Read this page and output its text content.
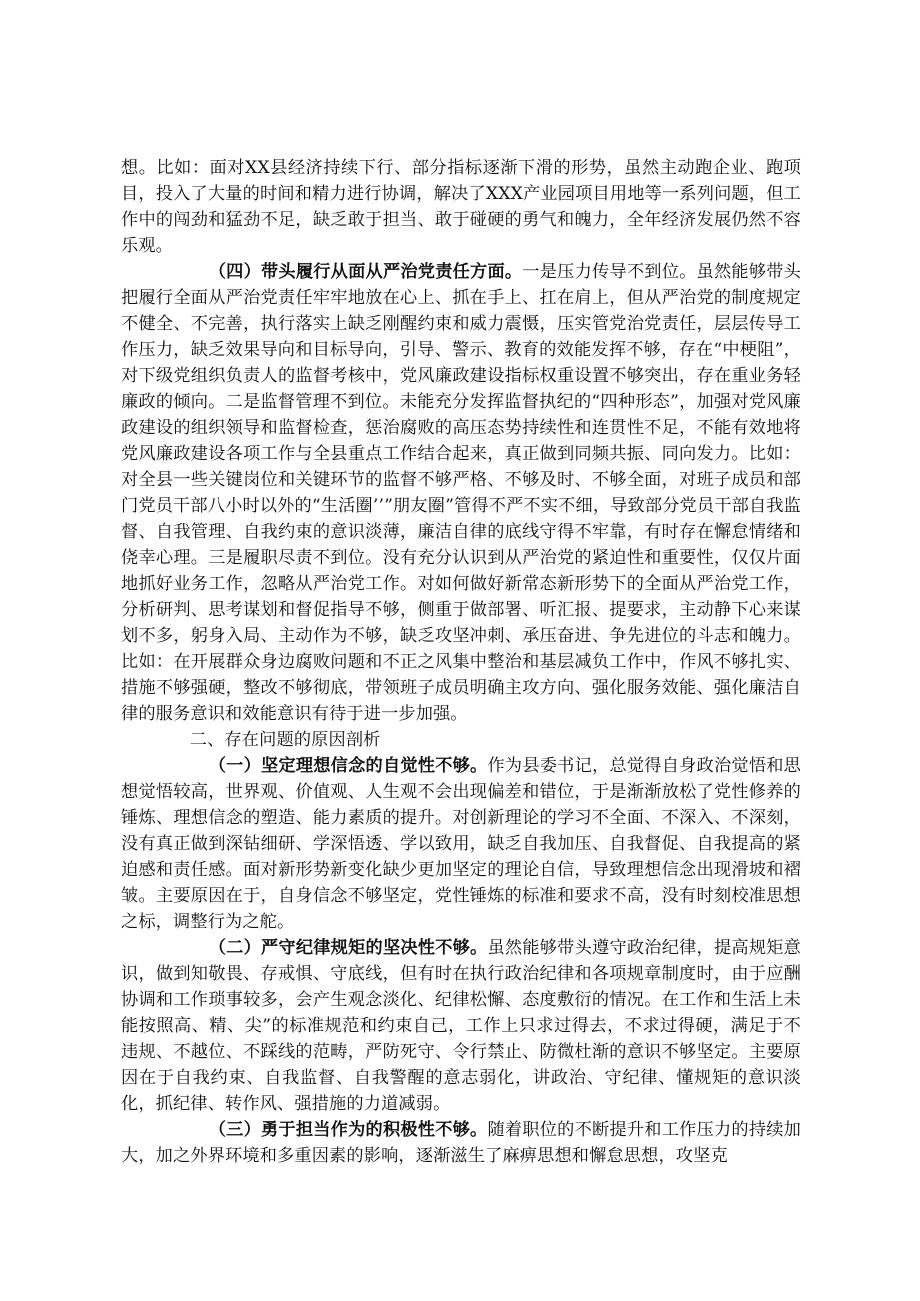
想。比如：面对XX县经济持续下行、部分指标逐渐下滑的形势，虽然主动跑企业、跑项目，投入了大量的时间和精力进行协调，解决了XXX产业园项目用地等一系列问题，但工作中的闯劲和猛劲不足，缺乏敢于担当、敢于碰硬的勇气和魄力，全年经济发展仍然不容乐观。

（四）带头履行从面从严治党责任方面。一是压力传导不到位。虽然能够带头把履行全面从严治党责任牢牢地放在心上、抓在手上、扛在肩上，但从严治党的制度规定不健全、不完善，执行落实上缺乏刚醒约束和威力震慑，压实管党治党责任，层层传导工作压力，缺乏效果导向和目标导向，引导、警示、教育的效能发挥不够，存在“中梗阻”，对下级党组织负责人的监督考核中，党风廉政建设指标权重设置不够突出，存在重业务轻廉政的倾向。二是监督管理不到位。未能充分发挥监督执纪的“四种形态”，加强对党风廉政建设的组织领导和监督检查，惩治腐败的高压态势持续性和连贯性不足，不能有效地将党风廉政建设各项工作与全县重点工作结合起来，真正做到同频共振、同向发力。比如：对全县一些关键岗位和关键环节的监督不够严格、不够及时、不够全面，对班子成员和部门党员干部八小时以外的“生活圈’’”朋友圈”管得不严不实不细，导致部分党员干部自我监督、自我管理、自我约束的意识淡薄，廉洁自律的底线守得不牢靠，有时存在懈怠情绪和侥幸心理。三是履职尽责不到位。没有充分认识到从严治党的紧迫性和重要性，仅仅片面地抓好业务工作，忽略从严治党工作。对如何做好新常态新形势下的全面从严治党工作，分析研判、思考谋划和督促指导不够，侧重于做部署、听汇报、提要求，主动静下心来谋划不多，躬身入局、主动作为不够，缺乏攻坚冲刺、承压奋进、争先进位的斗志和魄力。比如：在开展群众身边腐败问题和不正之风集中整治和基层减负工作中，作风不够扎实、措施不够强硬，整改不够彻底，带领班子成员明确主攻方向、强化服务效能、强化廉洁自律的服务意识和效能意识有待于进一步加强。

二、存在问题的原因剖析

（一）坚定理想信念的自觉性不够。作为县委书记，总觉得自身政治觉悟和思想觉悟较高，世界观、价值观、人生观不会出现偏差和错位，于是渐渐放松了党性修养的锤炼、理想信念的塑造、能力素质的提升。对创新理论的学习不全面、不深入、不深刻，没有真正做到深钻细研、学深悟透、学以致用，缺乏自我加压、自我督促、自我提高的紧迫感和责任感。面对新形势新变化缺少更加坚定的理论自信，导致理想信念出现滑坡和褶皱。主要原因在于，自身信念不够坚定，党性锤炼的标准和要求不高，没有时刻校准思想之标，调整行为之舵。

（二）严守纪律规矩的坚决性不够。虽然能够带头遵守政治纪律，提高规矩意识，做到知敬畏、存戒惧、守底线，但有时在执行政治纪律和各项规章制度时，由于应酬协调和工作琐事较多，会产生观念淡化、纪律松懈、态度敷衍的情况。在工作和生活上未能按照高、精、尖”的标准规范和约束自己，工作上只求过得去，不求过得硬，满足于不违规、不越位、不踩线的范畴，严防死守、令行禁止、防微杜渐的意识不够坚定。主要原因在于自我约束、自我监督、自我警醒的意志弱化，讲政治、守纪律、懂规矩的意识淡化，抓纪律、转作风、强措施的力道减弱。

（三）勇于担当作为的积极性不够。随着职位的不断提升和工作压力的持续加大，加之外界环境和多重因素的影响，逐渐滋生了麻痹思想和懈怠思想，攻坚克
